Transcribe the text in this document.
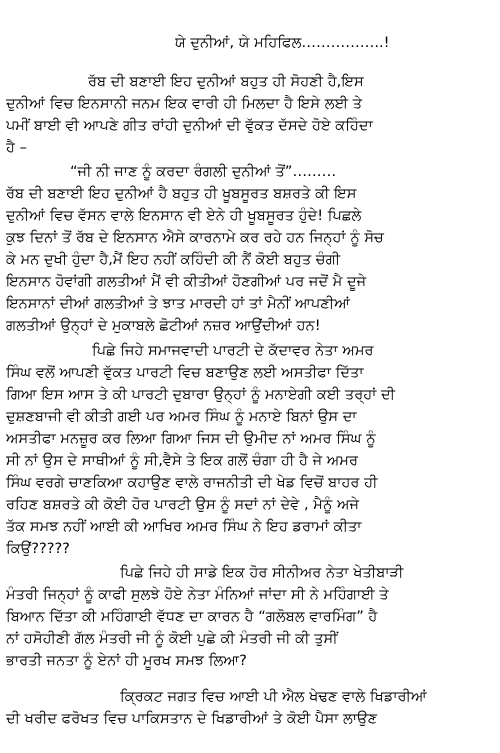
ਯੇ ਦੁਨੀਆਂ, ਯੇ ਮਹਿਫਿਲ……………..!
ਰੱਬ ਦੀ ਬਣਾਈ ਇਹ ਦੁਨੀਆਂ ਬਹੁਤ ਹੀ ਸੋਹਣੀ ਹੈ,ਇਸ
ਦੁਨੀਆਂ ਵਿਚ ਇਨਸਾਨੀ ਜਨਮ ਇਕ ਵਾਰੀ ਹੀ ਮਿਲਦਾ ਹੈ ਇਸੇ ਲਈ ਤੇ
ਪਮੀਂ ਬਾਈ ਵੀ ਆਪਣੇ ਗੀਤ ਰਾਂਹੀ ਦੁਨੀਆਂ ਦੀ ਵੁੱਕਤ ਦੱਸਦੇ ਹੋਏ ਕਹਿੰਦਾ
ਹੈ –
“ਜੀ ਨੀ ਜਾਣ ਨੂੰ ਕਰਦਾ ਰੰਗਲੀ ਦੁਨੀਆਂ ਤੋਂ”………
ਰੱਬ ਦੀ ਬਣਾਈ ਇਹ ਦੁਨੀਆਂ ਹੈ ਬਹੁਤ ਹੀ ਖੂਬਸੂਰਤ ਬਸ਼ਰਤੇ ਕੀ ਇਸ
ਦੁਨੀਆਂ ਵਿਚ ਵੱਸਨ ਵਾਲੇ ਇਨਸਾਨ ਵੀ ਏਨੇ ਹੀ ਖੂਬਸੂਰਤ ਹੁੰਦੇ! ਪਿਛਲੇ
ਕੁਝ ਦਿਨਾਂ ਤੋਂ ਰੱਬ ਦੇ ਇਨਸਾਨ ਐਸੇ ਕਾਰਨਾਮੇ ਕਰ ਰਹੇ ਹਨ ਜਿਨ੍ਹਾਂ ਨੂੰ ਸੋਚ
ਕੇ ਮਨ ਦੁਖੀ ਹੁੰਦਾ ਹੈ,ਮੈਂ ਇਹ ਨਹੀਂ ਕਹਿੰਦੀ ਕੀ ਨੈਂ ਕੋਈ ਬਹੁਤ ਚੰਗੀ
ਇਨਸਾਨ ਹੋਵਾਂਗੀ ਗਲਤੀਆਂ ਮੈਂ ਵੀ ਕੀਤੀਆਂ ਹੋਣਗੀਆਂ ਪਰ ਜਦੋਂ ਮੈ ਦੂਜੇ
ਇਨਸਾਨਾਂ ਦੀਆਂ ਗਲਤੀਆਂ ਤੇ ਝਾਤ ਮਾਰਦੀ ਹਾਂ ਤਾਂ ਮੈਨੀਂ ਆਪਣੀਆਂ
ਗਲਤੀਆਂ ਉਨ੍ਹਾਂ ਦੇ ਮੁਕਾਬਲੇ ਛੋਟੀਆਂ ਨਜ਼ਰ ਆਉਂਦੀਆਂ ਹਨ!
ਪਿਛੇ ਜਿਹੇ ਸਮਾਜਵਾਦੀ ਪਾਰਟੀ ਦੇ ਕੱਦਾਵਰ ਨੇਤਾ ਅਮਰ
ਸਿੰਘ ਵਲੋਂ ਆਪਣੀ ਵੁੱਕਤ ਪਾਰਟੀ ਵਿਚ ਬਣਾਉਣ ਲਈ ਅਸਤੀਫਾ ਦਿੱਤਾ
ਗਿਆ ਇਸ ਆਸ ਤੇ ਕੀ ਪਾਰਟੀ ਦੁਬਾਰਾ ਉਨ੍ਹਾਂ ਨੂੰ ਮਨਾਏਗੀ ਕਈ ਤਰ੍ਹਾਂ ਦੀ
ਦੁਸ਼ਣਬਾਜੀ ਵੀ ਕੀਤੀ ਗਈ ਪਰ ਅਮਰ ਸਿੰਘ ਨੂੰ ਮਨਾਏ ਬਿਨਾਂ ਉਸ ਦਾ
ਅਸਤੀਫਾ ਮਨਜ਼ੂਰ ਕਰ ਲਿਆ ਗਿਆ ਜਿਸ ਦੀ ਉਮੀਦ ਨਾਂ ਅਮਰ ਸਿੰਘ ਨੂੰ
ਸੀ ਨਾਂ ਉਸ ਦੇ ਸਾਥੀਆਂ ਨੂੰ ਸੀ,ਵੈਸੇ ਤੇ ਇਕ ਗਲੋਂ ਚੰਗਾ ਹੀ ਹੈ ਜੇ ਅਮਰ
ਸਿੰਘ ਵਰਗੇ ਚਾਣਕਿਆ ਕਹਾਉਣ ਵਾਲੇ ਰਾਜਨੀਤੀ ਦੀ ਖੇਡ ਵਿਚੋਂ ਬਾਹਰ ਹੀ
ਰਹਿਣ ਬਸ਼ਰਤੇ ਕੀ ਕੋਈ ਹੋਰ ਪਾਰਟੀ ਉਸ ਨੂੰ ਸਦਾਂ ਨਾਂ ਦੇਵੇ , ਮੈਨੂੰ ਅਜੇ
ਤੱਕ ਸਮਝ ਨਹੀਂ ਆਈ ਕੀ ਆਖਿਰ ਅਮਰ ਸਿੰਘ ਨੇ ਇਹ ਡਰਾਮਾਂ ਕੀਤਾ
ਕਿਉਂ?????
ਪਿਛੇ ਜਿਹੇ ਹੀ ਸਾਡੇ ਇਕ ਹੋਰ ਸੀਨੀਅਰ ਨੇਤਾ ਖੇਤੀਬਾੜੀ
ਮੰਤਰੀ ਜਿਨ੍ਹਾਂ ਨੂੰ ਕਾਫੀ ਸੁਲਝੇ ਹੋਏ ਨੇਤਾ ਮੰਨਿਆਂ ਜਾਂਦਾ ਸੀ ਨੇ ਮਹਿੰਗਾਈ ਤੇ
ਬਿਆਨ ਦਿੱਤਾ ਕੀ ਮਹਿੰਗਾਈ ਵੱਧਣ ਦਾ ਕਾਰਨ ਹੈ “ਗਲੋਬਲ ਵਾਰਮਿੰਗ” ਹੈ
ਨਾਂ ਹਸੋਹੀਣੀ ਗੱਲ ਮੰਤਰੀ ਜੀ ਨੂੰ ਕੋਈ ਪੁਛੇ ਕੀ ਮੰਤਰੀ ਜੀ ਕੀ ਤੁਸੀਂ
ਭਾਰਤੀ ਜਨਤਾ ਨੂੰ ਏਨਾਂ ਹੀ ਮੂਰਖ ਸਮਝ ਲਿਆ?
ਕ੍ਰਿਕਟ ਜਗਤ ਵਿਚ ਆਈ ਪੀ ਐਲ ਖੇਢਣ ਵਾਲੇ ਖਿਡਾਰੀਆਂ
ਦੀ ਖਰੀਦ ਫਰੋਖਤ ਵਿਚ ਪਾਕਿਸਤਾਨ ਦੇ ਖਿਡਾਰੀਆਂ ਤੇ ਕੋਈ ਪੈਸਾ ਲਾਉਣ
